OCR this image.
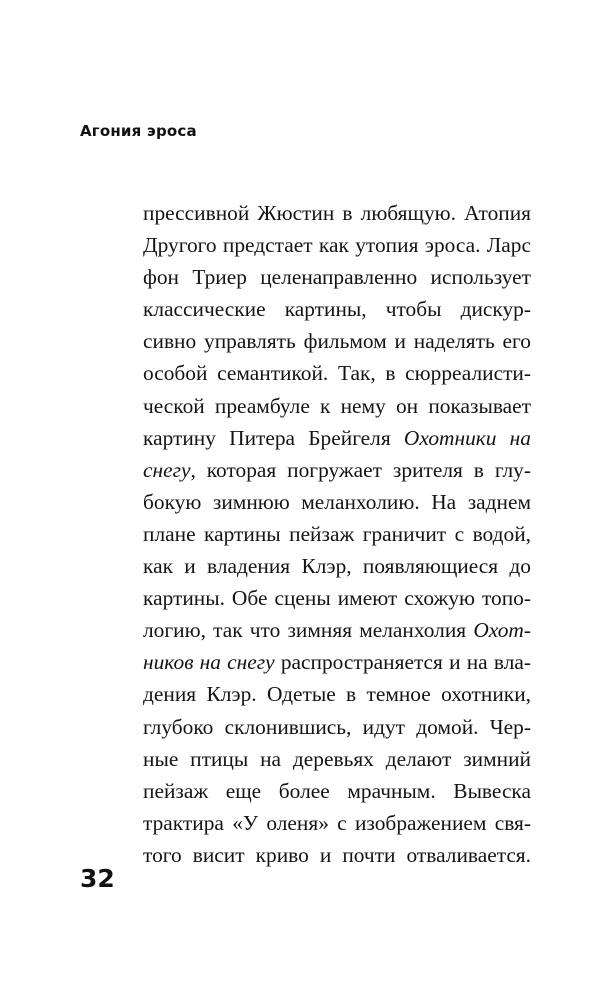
Агония эроса
прессивной Жюстин в любящую. Атопия
Другого предстает как утопия эроса. Ларс
фон Триер целенаправленно использует
классические картины, чтобы дискур-
сивно управлять фильмом и наделять его
особой семантикой. Так, в сюрреалисти-
ческой преамбуле к нему он показывает
картину Питера Брейгеля Охотники на
снегу, которая погружает зрителя в глу-
бокую зимнюю меланхолию. На заднем
плане картины пейзаж граничит с водой,
как и владения Клэр, появляющиеся до
картины. Обе сцены имеют схожую топо-
логию, так что зимняя меланхолия Охот-
ников на снегу распространяется и на вла-
дения Клэр. Одетые в темное охотники,
глубоко склонившись, идут домой. Чер-
ные птицы на деревьях делают зимний
пейзаж еще более мрачным. Вывеска
трактира «У оленя» с изображением свя-
того висит криво и почти отваливается.
32
